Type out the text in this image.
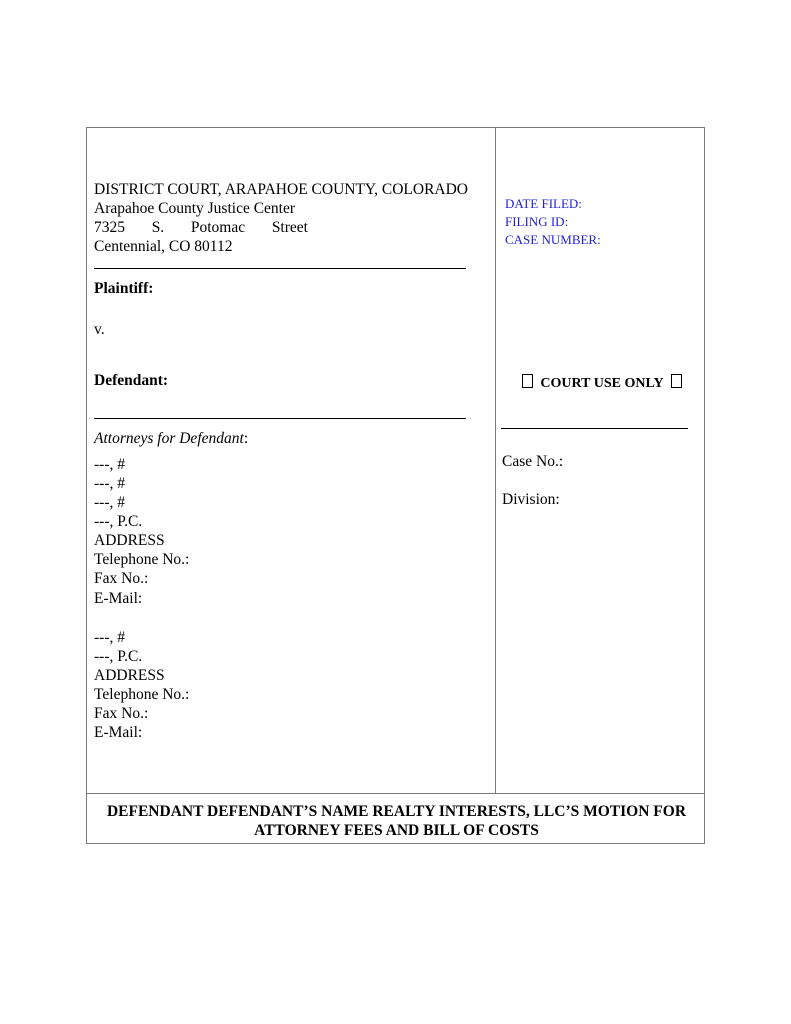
DISTRICT COURT, ARAPAHOE COUNTY, COLORADO
Arapahoe County Justice Center
7325 S. Potomac Street
Centennial, CO 80112
Plaintiff:
v.
Defendant:
Attorneys for Defendant:
---, #
---, #
---, #
---, P.C.
ADDRESS
Telephone No.:
Fax No.:
E-Mail:
---, #
---, P.C.
ADDRESS
Telephone No.:
Fax No.:
E-Mail:
DATE FILED:
FILING ID:
CASE NUMBER:
COURT USE ONLY
Case No.:
Division:
DEFENDANT DEFENDANT’S NAME REALTY INTERESTS, LLC’S MOTION FOR
ATTORNEY FEES AND BILL OF COSTS
